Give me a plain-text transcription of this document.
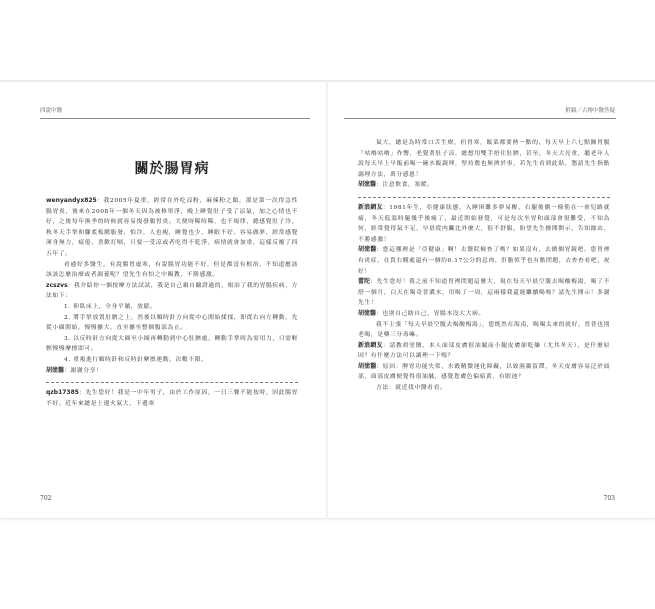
四說中醫	附錄／古傳中醫答疑
關於腸胃病

wenyandyx825：我2005年夏重，經常在外吃涼粉、麻辣粉之類，那是第一次得急性腸胃炎，後來在2008年一個冬天因為被修單淨，晚上睡覺肚子受了涼氣，加之心情也不好，之後每年換季的時候就容易復發腸胃炎。大便時稀時稀，也不規律，總感覺肚子冷，秋冬天手掌和腳底板腫脹發，怕冷，人也瘦，睡覺也少，睡眠不好，容易做夢，經常感覺渾身無力，疲倦，喜歡打嗝，只要一受涼或者吃得不乾淨，病情就會加重，這樣反覆了四五年了。

看過好多醫生，有說腸胃虛寒，有說腸胃功能不好，但是都沒有根治，不知道應該該該怎麼治療或者調養呢？望先生有怕之中賜教，不勝感激。

zcszvs：我介紹你一個按摩方法試試，我是自己親自驗證過的，根治了我的胃腸疾病，方法如下：

1. 仰臥床上，全身平躺，放鬆。

2. 將手掌放置肚臍之上，然後以順時針方向從中心開始揉揉，即從右向左轉動，先從小圈開始，慢慢擴大，直至擴至整個腹部為止。

3. 以反時針方向從大圈至小圈再轉動到中心肚臍處，轉動手掌時為需用力，只需輕輕慢慢摩擦即可。

4. 重複進行順時針和反時針摩擦運動，次數不限。

胡塗醫：謝謝分享！

qzb17385：先生您好！我是一中年男子，由於工作原因，一日三餐不能按時，因此腸胃不好。近年來總是上邊火氣大，下邊寒

氣大，總是為時常口舌生療，但胃寒，飯菜都要熱一點的，每天早上六七點鐘胃腸「咕嚕咕嚕」作響，老覺著肚子涼，總想用雙手捂住肚臍，甚至，冬天大亮重，聽老年人說每天早上早飯前喝一碗水飯調理，堅持敷也無濟於事，若先生看到此貼，懇請先生指點調理方法，萬分感恩！

胡塗醫：注意飲食，塞暖。

新浪網友：1981年生，亞健康狀態，入睡困難多夢易醒，右腿後側一條筋在一會兒路就痛，冬天低溫時腿幾乎後痛了，最近開始發覺，可是每次坐胃和頭部會很難受，不知為何，經常覺得氣不足，早晨從肉臟比外麼大，很不舒服，盼望先生撥開開示，告知緣由，不勝感激！

胡塗醫：您這哪裡是「亞健康」啊！去醫院檢查了嗎？如果沒有，去做個胃鏡吧。您胃裡有炎症，在貴右側處還有一個約0.17公分的息肉，肝膽似乎也有點問題，去查查看吧，祝好！

蕾陀：先生您好！我之前不知道胃裡問題這麼大，現在每天早晨空腹去喝酸梅湯，喝了不舒一個月，白天在喝奇普濃水，用喝了一周，這兩樣我還能繼續喝嗎？請先生開示！多謝先生！

胡塗醫：也別自己瞎自己，胃腸本沒大大病。

我不主張「每天早晨空腹去喝酸梅湯」，您既然在海南，喝喝太來的就好，普普也別老喝，是藥三分毒嘛。

新浪網友：請教胡塗醫，本人面部皮膚很油膩而小腿皮膚卻乾燥（尤其冬天），是什麼原因？有什麼方法可以調理一下嗎？

胡塗醫：原因：脾胃功能失常，水穀精微運化障礙，以致濕濁留滯，冬天皮膚容易泛於面部，面部皮膚便覺得很油膩，感覺您膚色偏暗黃，有眼池？

方法：就近找中醫看看。

702	703
